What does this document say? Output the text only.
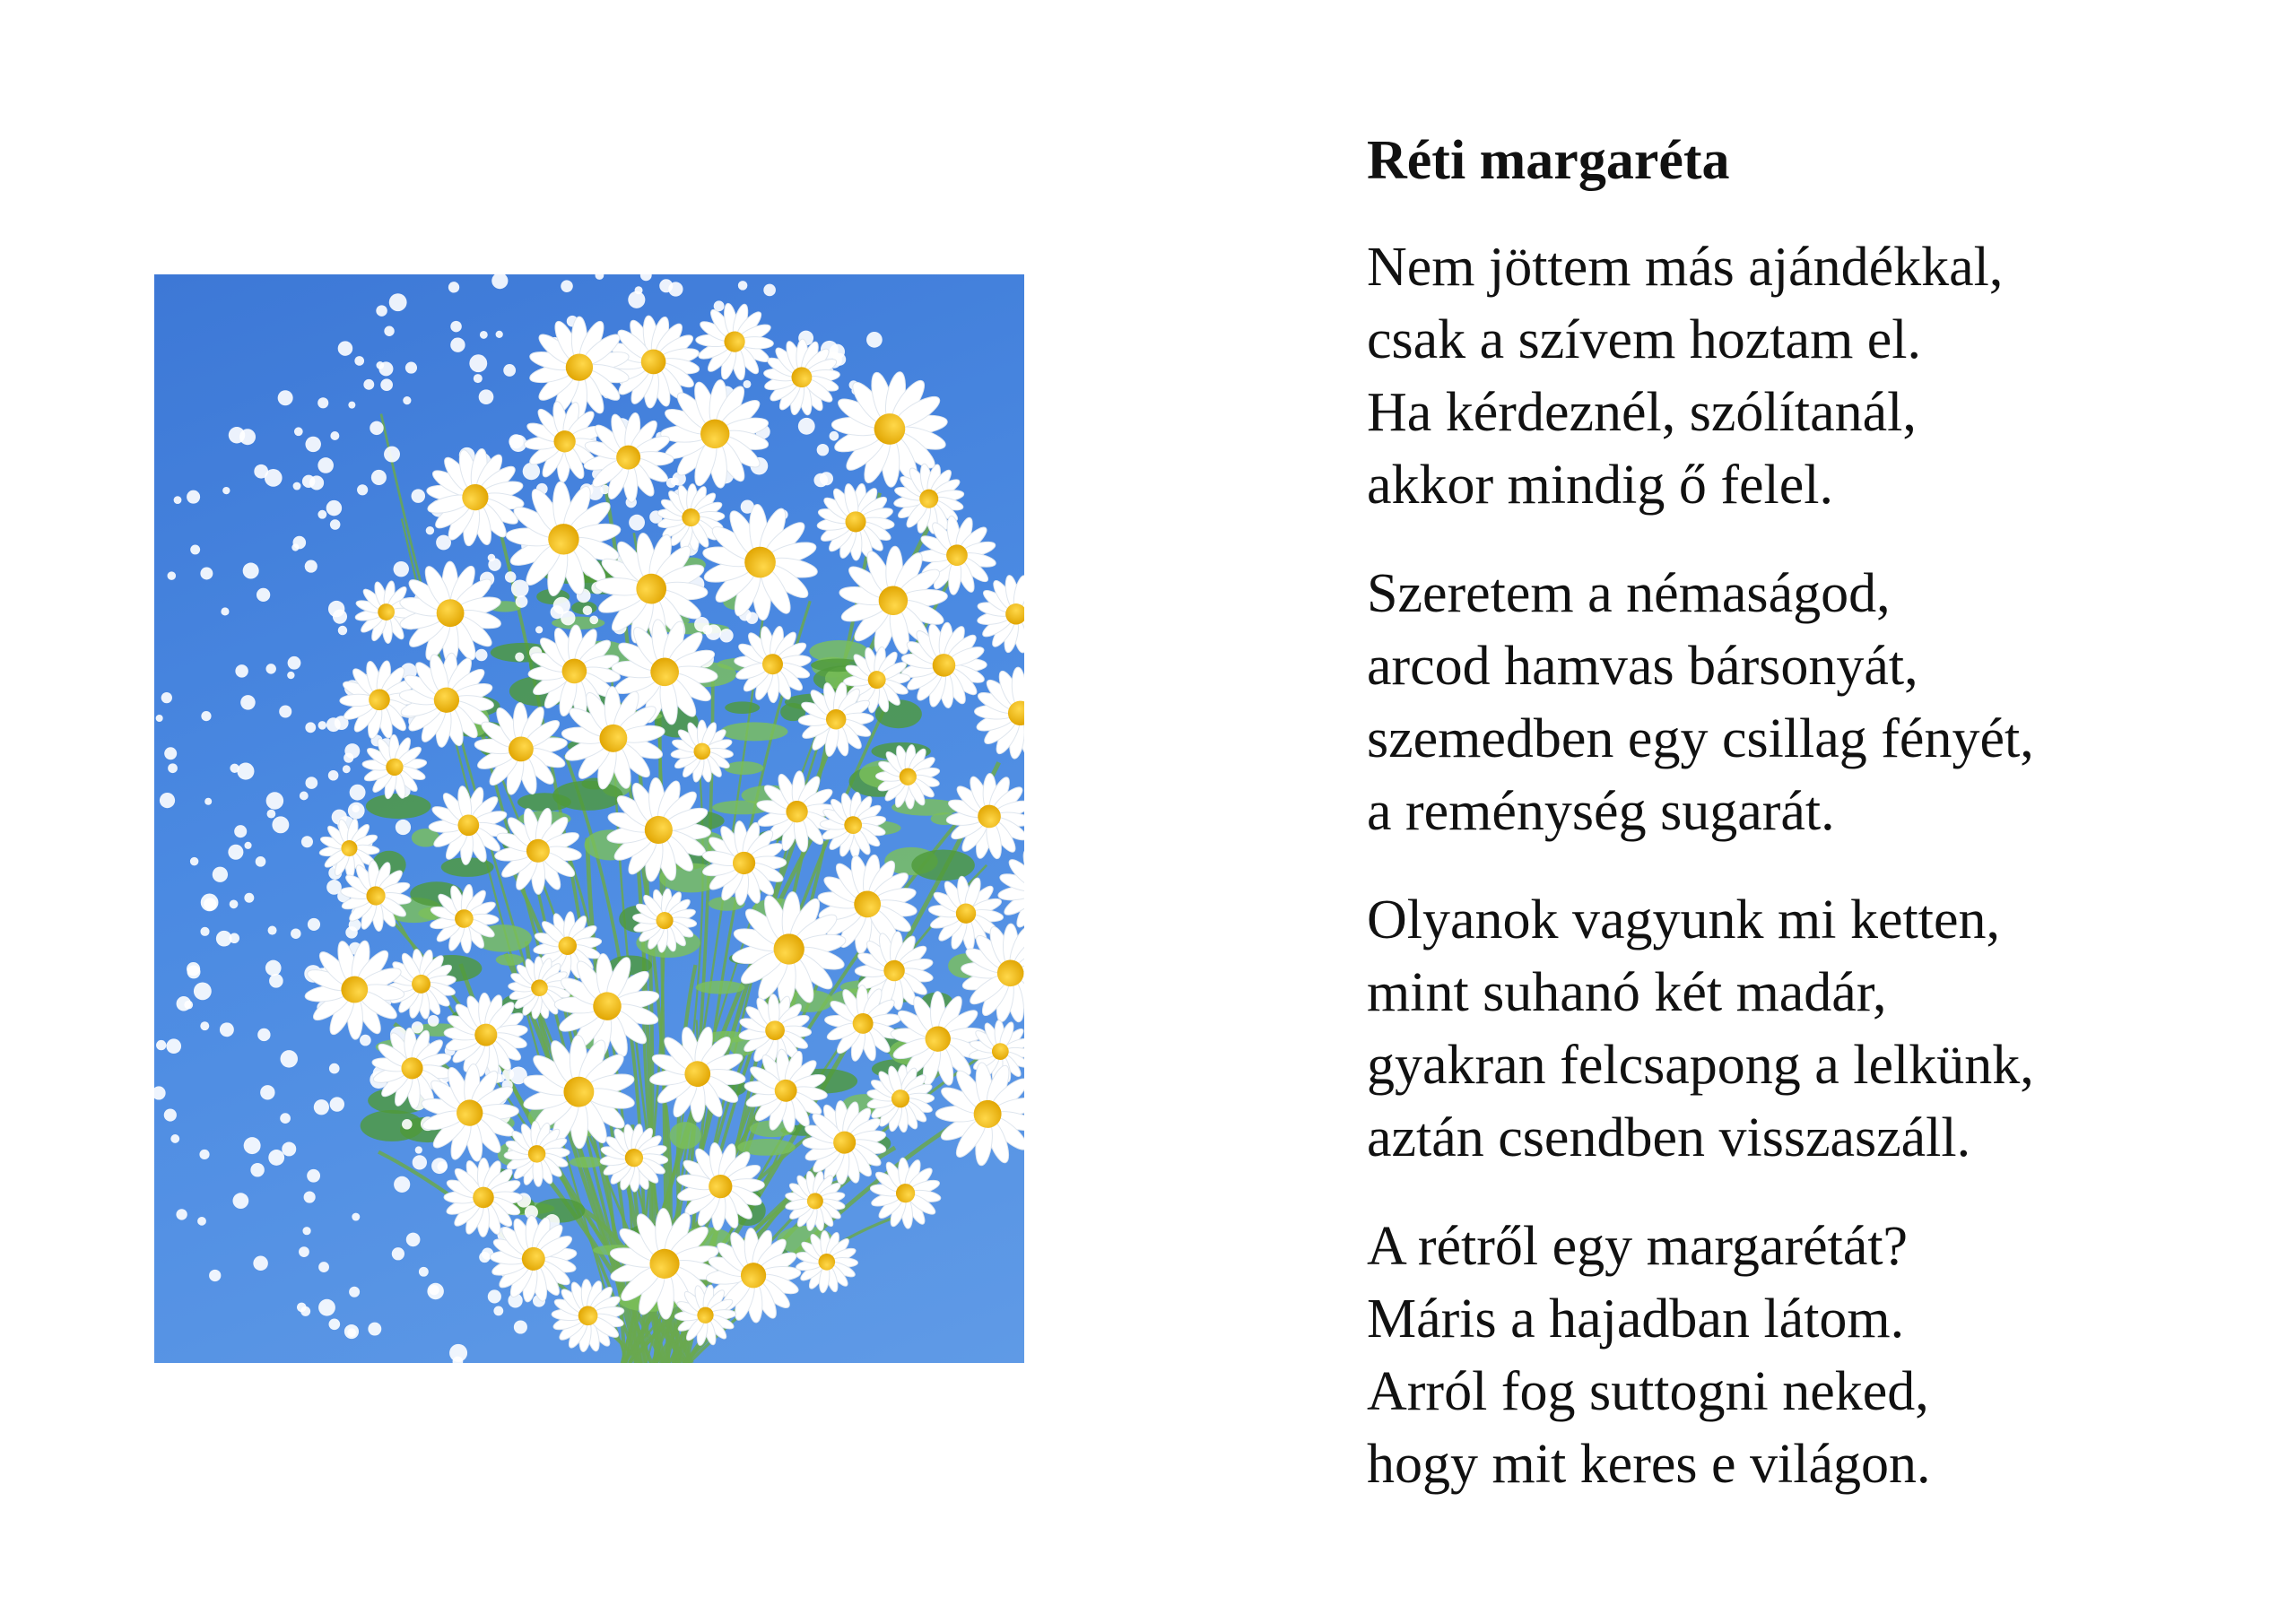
Réti margaréta
Nem jöttem más ajándékkal,
csak a szívem hoztam el.
Ha kérdeznél, szólítanál,
akkor mindig ő felel.
Szeretem a némaságod,
arcod hamvas bársonyát,
szemedben egy csillag fényét,
a reménység sugarát.
Olyanok vagyunk mi ketten,
mint suhanó két madár,
gyakran felcsapong a lelkünk,
aztán csendben visszaszáll.
A rétről egy margarétát?
Máris a hajadban látom.
Arról fog suttogni neked,
hogy mit keres e világon.
